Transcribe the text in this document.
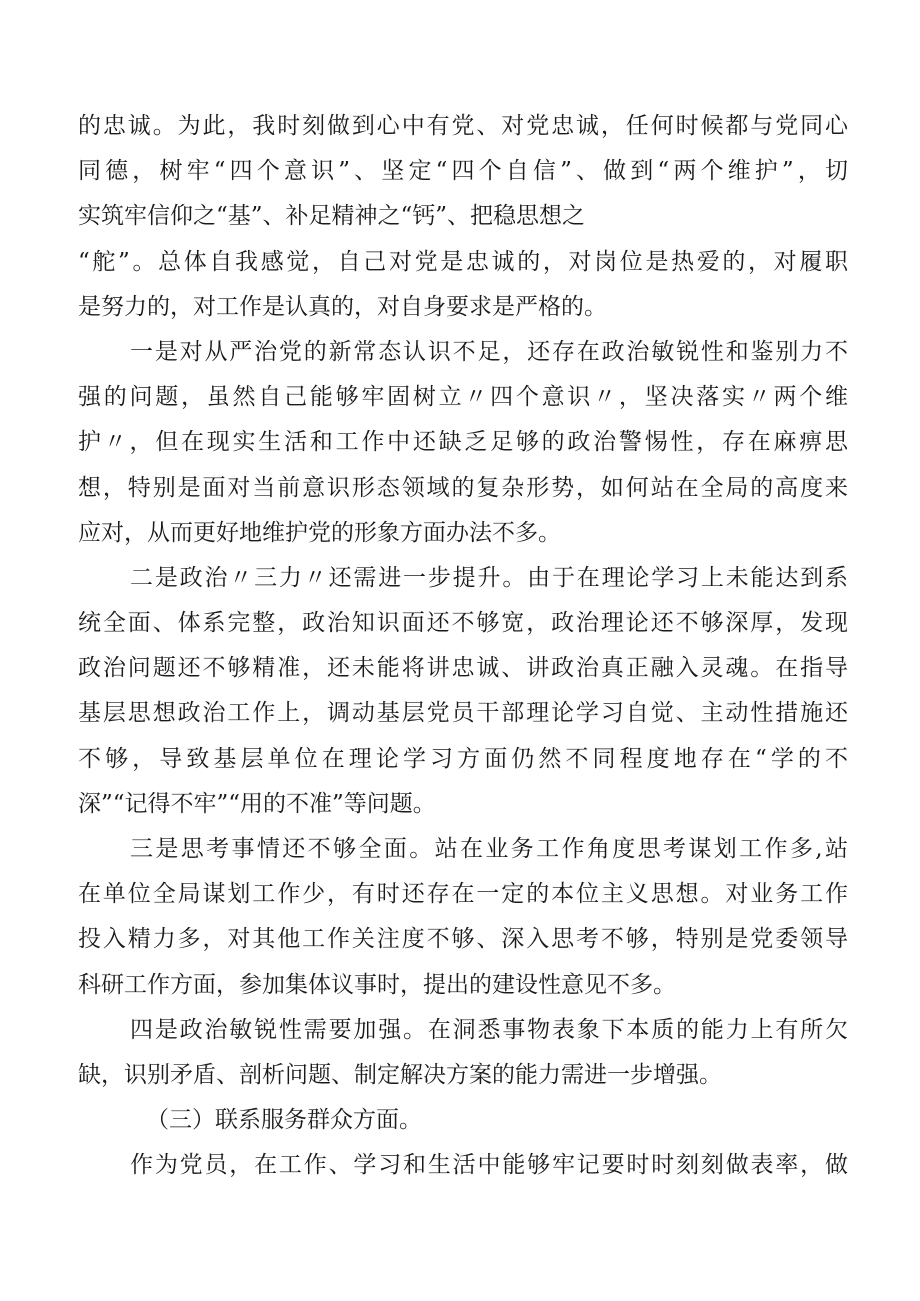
的忠诚。为此，我时刻做到心中有党、对党忠诚，任何时候都与党同心
同德，树牢“四个意识”、坚定“四个自信”、做到“两个维护”，切
实筑牢信仰之“基”、补足精神之“钙”、把稳思想之
“舵”。总体自我感觉，自己对党是忠诚的，对岗位是热爱的，对履职
是努力的，对工作是认真的，对自身要求是严格的。
一是对从严治党的新常态认识不足，还存在政治敏锐性和鉴别力不
强的问题，虽然自己能够牢固树立〃四个意识〃，坚决落实〃两个维
护〃，但在现实生活和工作中还缺乏足够的政治警惕性，存在麻痹思
想，特别是面对当前意识形态领域的复杂形势，如何站在全局的高度来
应对，从而更好地维护党的形象方面办法不多。
二是政治〃三力〃还需进一步提升。由于在理论学习上未能达到系
统全面、体系完整，政治知识面还不够宽，政治理论还不够深厚，发现
政治问题还不够精准，还未能将讲忠诚、讲政治真正融入灵魂。在指导
基层思想政治工作上，调动基层党员干部理论学习自觉、主动性措施还
不够，导致基层单位在理论学习方面仍然不同程度地存在“学的不
深”“记得不牢”“用的不准”等问题。
三是思考事情还不够全面。站在业务工作角度思考谋划工作多,站
在单位全局谋划工作少，有时还存在一定的本位主义思想。对业务工作
投入精力多，对其他工作关注度不够、深入思考不够，特别是党委领导
科研工作方面，参加集体议事时，提出的建设性意见不多。
四是政治敏锐性需要加强。在洞悉事物表象下本质的能力上有所欠
缺，识别矛盾、剖析问题、制定解决方案的能力需进一步增强。
（三）联系服务群众方面。
作为党员，在工作、学习和生活中能够牢记要时时刻刻做表率，做
